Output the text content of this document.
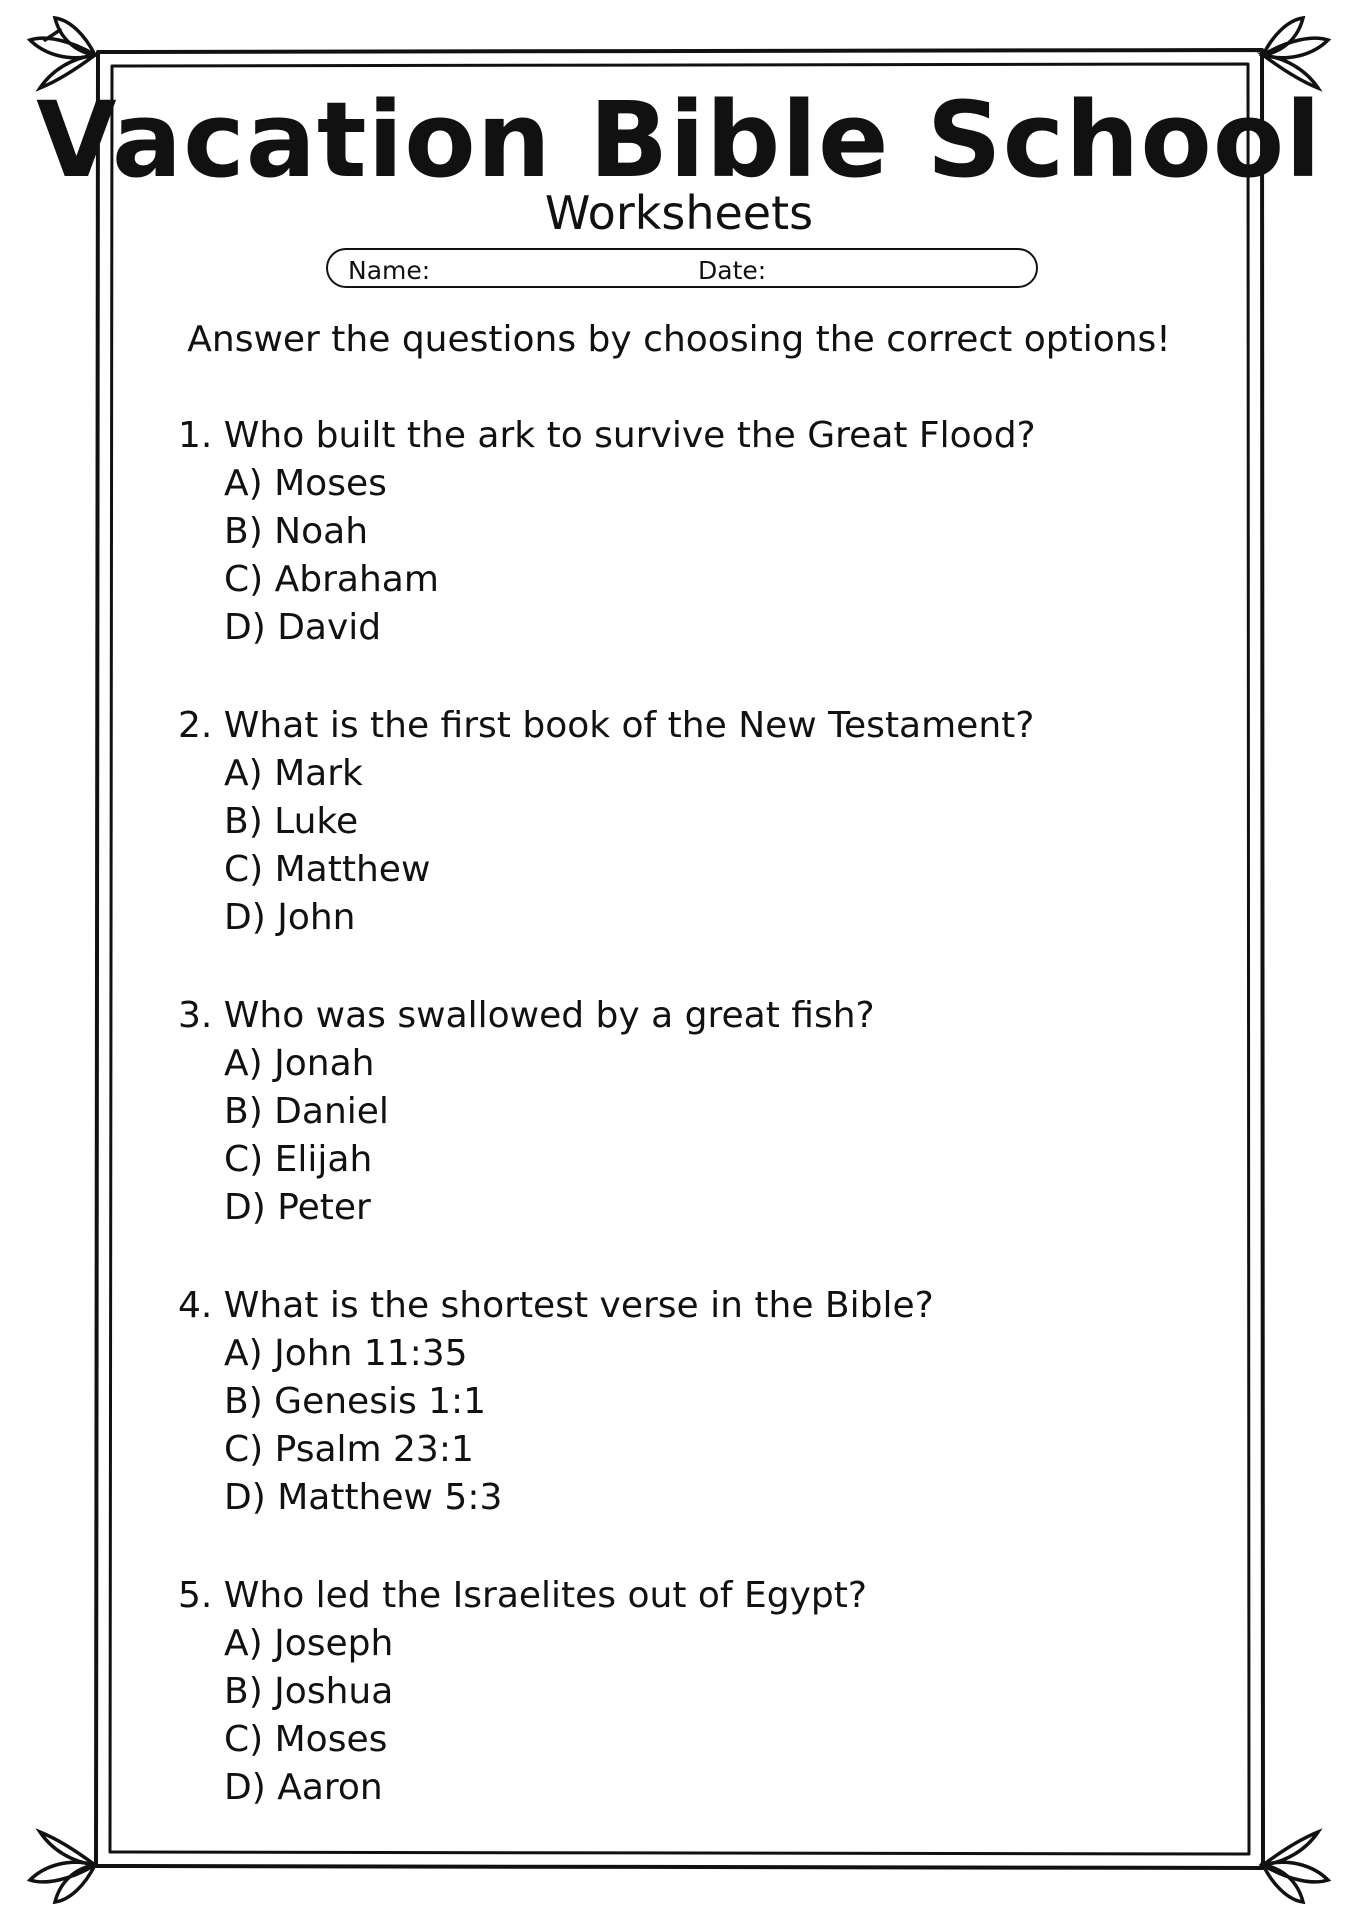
Vacation Bible School
Worksheets
Name:	Date:
Answer the questions by choosing the correct options!
1. Who built the ark to survive the Great Flood?
A) Moses
B) Noah
C) Abraham
D) David
2. What is the first book of the New Testament?
A) Mark
B) Luke
C) Matthew
D) John
3. Who was swallowed by a great fish?
A) Jonah
B) Daniel
C) Elijah
D) Peter
4. What is the shortest verse in the Bible?
A) John 11:35
B) Genesis 1:1
C) Psalm 23:1
D) Matthew 5:3
5. Who led the Israelites out of Egypt?
A) Joseph
B) Joshua
C) Moses
D) Aaron
